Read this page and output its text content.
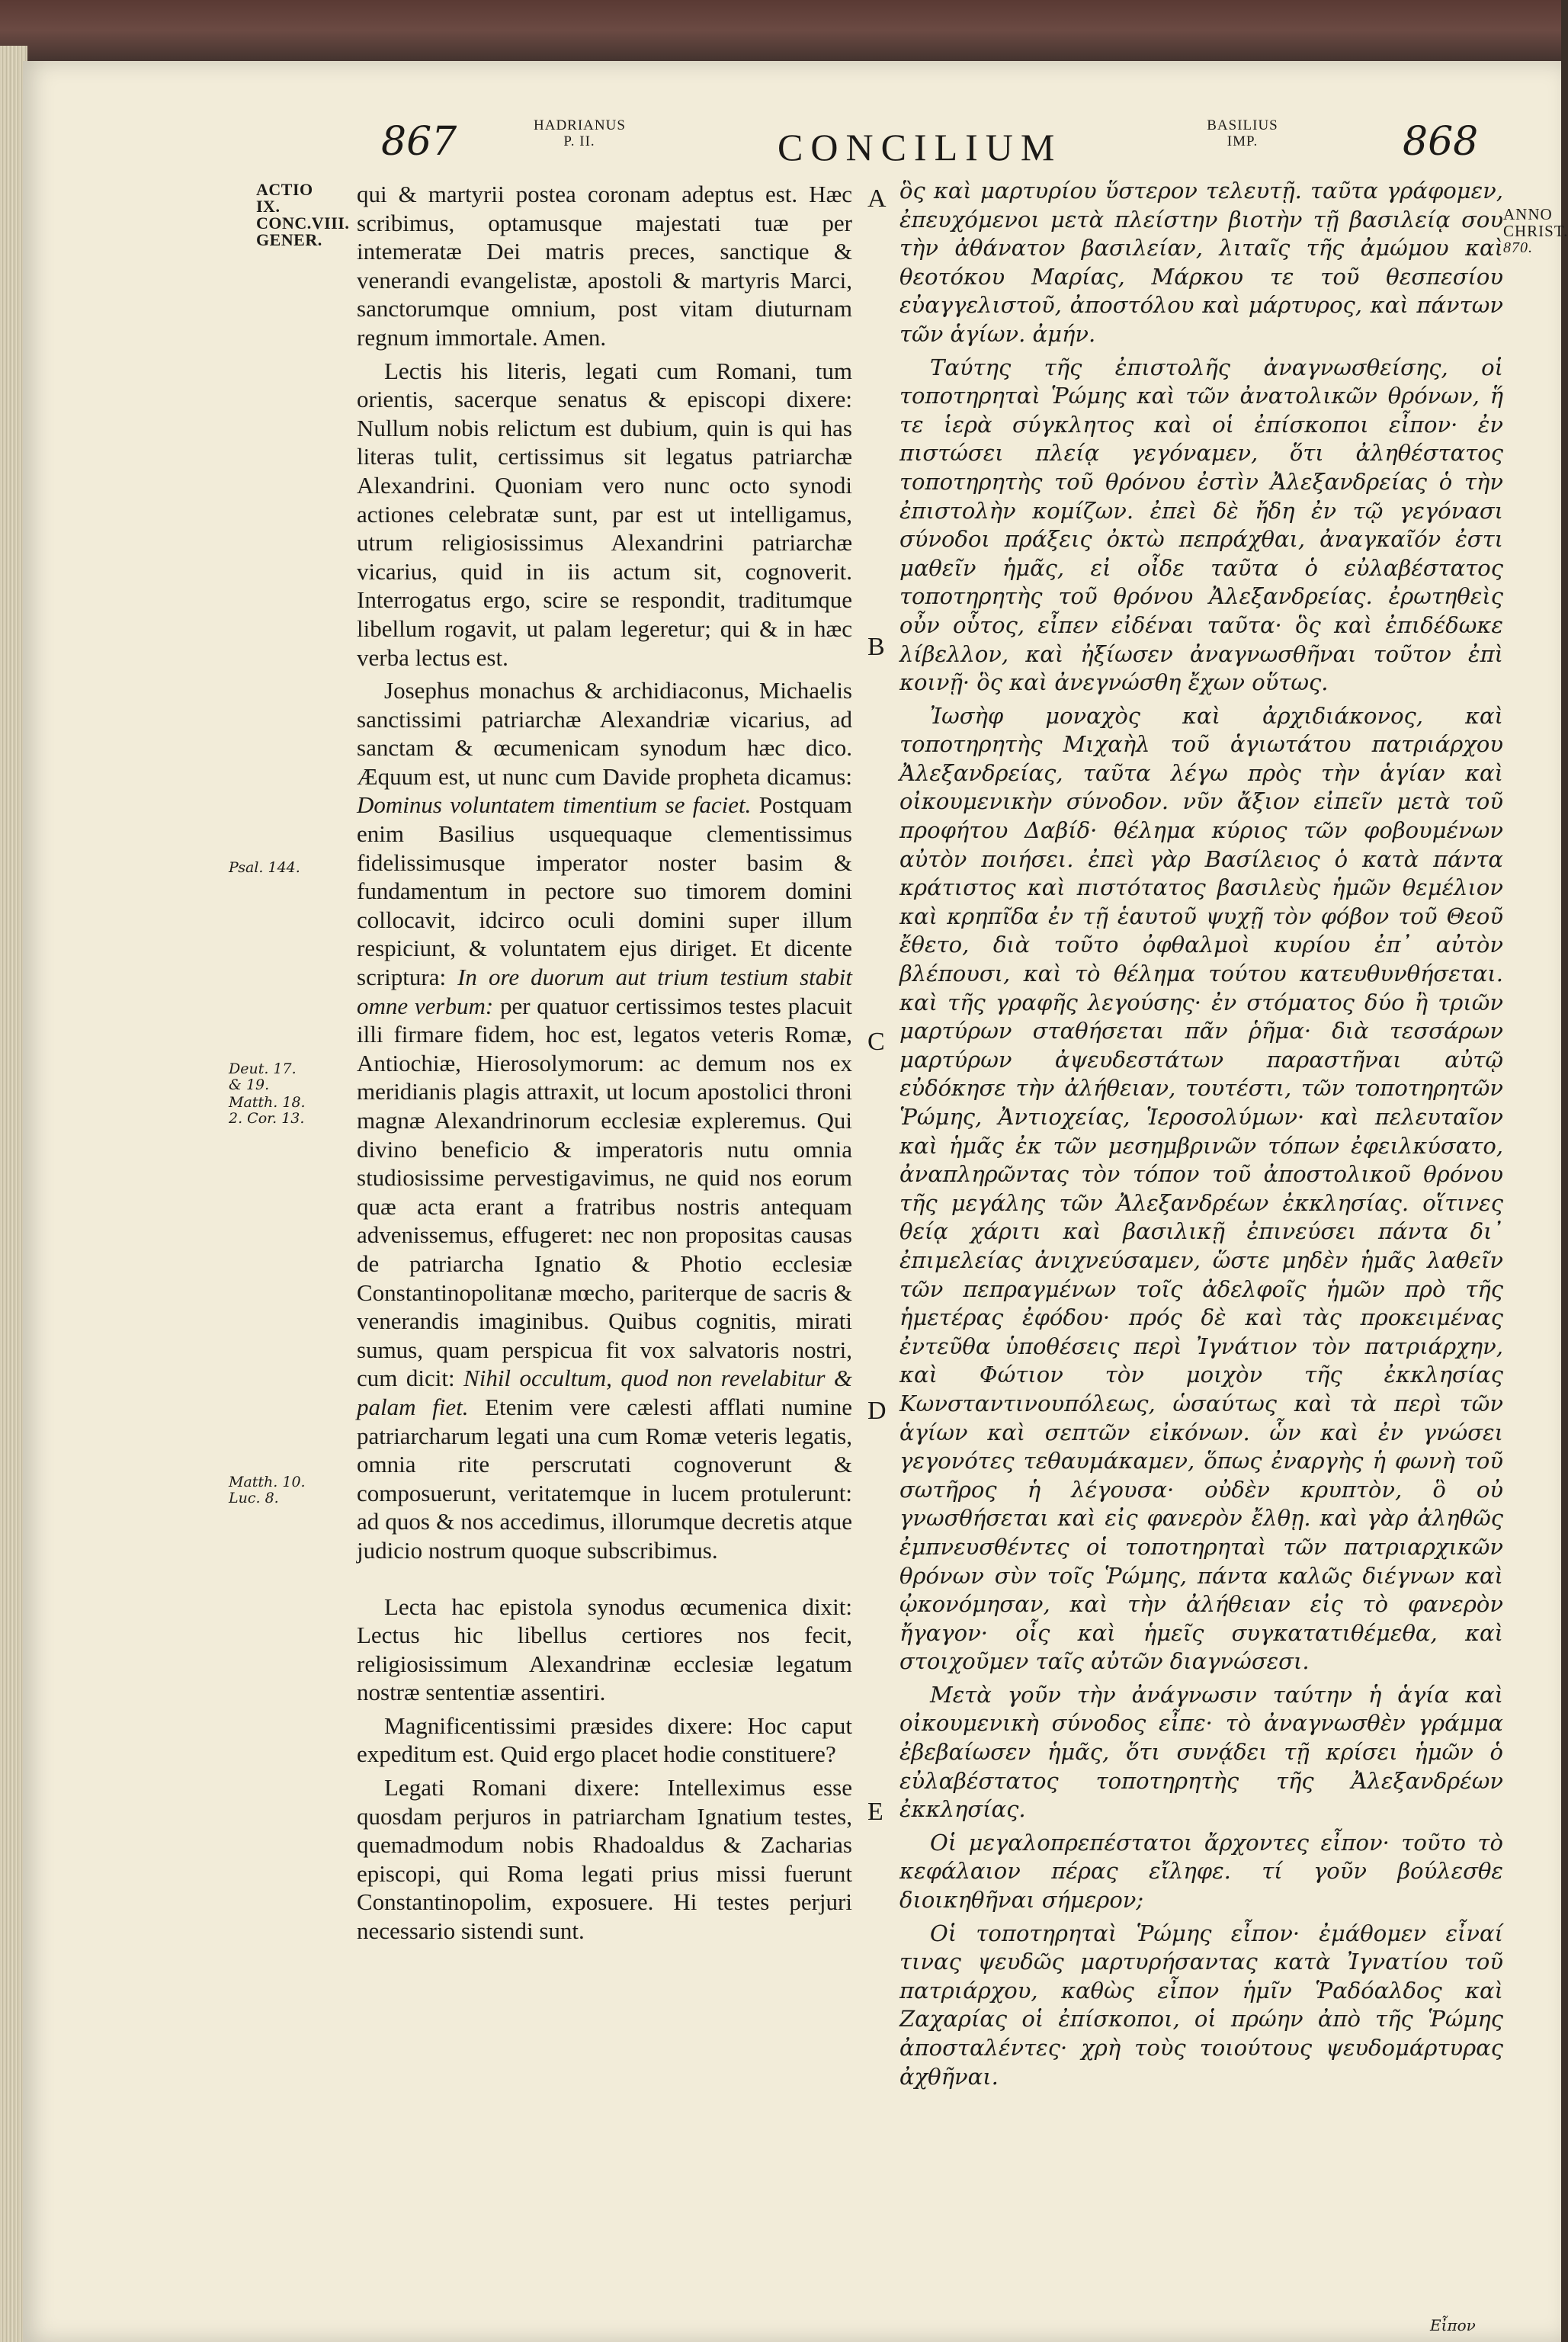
867	HADRIANUS
P. II.	CONCILIUM
BASILIUS
IMP.	868
ACTIO IX.
CONC.VIII.
GENER.
Psal. 144.
Deut. 17.
& 19.
Matth. 18.
2. Cor. 13.
Matth. 10.
Luc. 8.
ANNO
CHRIST.
870.
A
B
C
D
E

qui & martyrii postea coronam adeptus est. Hæc scribimus, optamusque majestati tuæ per intemeratæ Dei matris preces, sanctique & venerandi evangelistæ, apostoli & martyris Marci, sanctorumque omnium, post vitam diuturnam regnum immortale. Amen.

Lectis his literis, legati cum Romani, tum orientis, sacerque senatus & episcopi dixere: Nullum nobis relictum est dubium, quin is qui has literas tulit, certissimus sit legatus patriarchæ Alexandrini. Quoniam vero nunc octo synodi actiones celebratæ sunt, par est ut intelligamus, utrum religiosissimus Alexandrini patriarchæ vicarius, quid in iis actum sit, cognoverit. Interrogatus ergo, scire se respondit, traditumque libellum rogavit, ut palam legeretur; qui & in hæc verba lectus est.

Josephus monachus & archidiaconus, Michaelis sanctissimi patriarchæ Alexandriæ vicarius, ad sanctam & œcumenicam synodum hæc dico. Æquum est, ut nunc cum Davide propheta dicamus: Dominus voluntatem timentium se faciet. Postquam enim Basilius usquequaque clementissimus fidelissimusque imperator noster basim & fundamentum in pectore suo timorem domini collocavit, idcirco oculi domini super illum respiciunt, & voluntatem ejus diriget. Et dicente scriptura: In ore duorum aut trium testium stabit omne verbum: per quatuor certissimos testes placuit illi firmare fidem, hoc est, legatos veteris Romæ, Antiochiæ, Hierosolymorum: ac demum nos ex meridianis plagis attraxit, ut locum apostolici throni magnæ Alexandrinorum ecclesiæ expleremus. Qui divino beneficio & imperatoris nutu omnia studiosissime pervestigavimus, ne quid nos eorum quæ acta erant a fratribus nostris antequam advenissemus, effugeret: nec non propositas causas de patriarcha Ignatio & Photio ecclesiæ Constantinopolitanæ mœcho, pariterque de sacris & venerandis imaginibus. Quibus cognitis, mirati sumus, quam perspicua fit vox salvatoris nostri, cum dicit: Nihil occultum, quod non revelabitur & palam fiet. Etenim vere cælesti afflati numine patriarcharum legati una cum Romæ veteris legatis, omnia rite perscrutati cognoverunt & composuerunt, veritatemque in lucem protulerunt: ad quos & nos accedimus, illorumque decretis atque judicio nostrum quoque subscribimus.

Lecta hac epistola synodus œcumenica dixit: Lectus hic libellus certiores nos fecit, religiosissimum Alexandrinæ ecclesiæ legatum nostræ sententiæ assentiri.

Magnificentissimi præsides dixere: Hoc caput expeditum est. Quid ergo placet hodie constituere?

Legati Romani dixere: Intelleximus esse quosdam perjuros in patriarcham Ignatium testes, quemadmodum nobis Rhadoaldus & Zacharias episcopi, qui Roma legati prius missi fuerunt Constantinopolim, exposuere. Hi testes perjuri necessario sistendi sunt.

ὃς καὶ μαρτυρίου ὕστερον τελευτῇ. ταῦτα γράφομεν, ἐπευχόμενοι μετὰ πλείστην βιοτὴν τῇ βασιλείᾳ σου τὴν ἀθάνατον βασιλείαν, λιταῖς τῆς ἀμώμου καὶ θεοτόκου Μαρίας, Μάρκου τε τοῦ θεσπεσίου εὐαγγελιστοῦ, ἀποστόλου καὶ μάρτυρος, καὶ πάντων τῶν ἁγίων. ἀμήν.

Ταύτης τῆς ἐπιστολῆς ἀναγνωσθείσης, οἱ τοποτηρηταὶ Ῥώμης καὶ τῶν ἀνατολικῶν θρόνων, ἥ τε ἱερὰ σύγκλητος καὶ οἱ ἐπίσκοποι εἶπον· ἐν πιστώσει πλείᾳ γεγόναμεν, ὅτι ἀληθέστατος τοποτηρητὴς τοῦ θρόνου ἐστὶν Ἀλεξανδρείας ὁ τὴν ἐπιστολὴν κομίζων. ἐπεὶ δὲ ἤδη ἐν τῷ γεγόνασι σύνοδοι πράξεις ὀκτὼ πεπράχθαι, ἀναγκαῖόν ἐστι μαθεῖν ἡμᾶς, εἰ οἶδε ταῦτα ὁ εὐλαβέστατος τοποτηρητὴς τοῦ θρόνου Ἀλεξανδρείας. ἐρωτηθεὶς οὖν οὗτος, εἶπεν εἰδέναι ταῦτα· ὃς καὶ ἐπιδέδωκε λίβελλον, καὶ ἠξίωσεν ἀναγνωσθῆναι τοῦτον ἐπὶ κοινῇ· ὃς καὶ ἀνεγνώσθη ἔχων οὕτως.

Ἰωσὴφ μοναχὸς καὶ ἀρχιδιάκονος, καὶ τοποτηρητὴς Μιχαὴλ τοῦ ἁγιωτάτου πατριάρχου Ἀλεξανδρείας, ταῦτα λέγω πρὸς τὴν ἁγίαν καὶ οἰκουμενικὴν σύνοδον. νῦν ἄξιον εἰπεῖν μετὰ τοῦ προφήτου Δαβίδ· θέλημα κύριος τῶν φοβουμένων αὐτὸν ποιήσει. ἐπεὶ γὰρ Βασίλειος ὁ κατὰ πάντα κράτιστος καὶ πιστότατος βασιλεὺς ἡμῶν θεμέλιον καὶ κρηπῖδα ἐν τῇ ἑαυτοῦ ψυχῇ τὸν φόβον τοῦ Θεοῦ ἔθετο, διὰ τοῦτο ὀφθαλμοὶ κυρίου ἐπ᾽ αὐτὸν βλέπουσι, καὶ τὸ θέλημα τούτου κατευθυνθήσεται. καὶ τῆς γραφῆς λεγούσης· ἐν στόματος δύο ἢ τριῶν μαρτύρων σταθήσεται πᾶν ῥῆμα· διὰ τεσσάρων μαρτύρων ἀψευδεστάτων παραστῆναι αὐτῷ εὐδόκησε τὴν ἀλήθειαν, τουτέστι, τῶν τοποτηρητῶν Ῥώμης, Ἀντιοχείας, Ἱεροσολύμων· καὶ πελευταῖον καὶ ἡμᾶς ἐκ τῶν μεσημβρινῶν τόπων ἐφειλκύσατο, ἀναπληρῶντας τὸν τόπον τοῦ ἀποστολικοῦ θρόνου τῆς μεγάλης τῶν Ἀλεξανδρέων ἐκκλησίας. οἵτινες θείᾳ χάριτι καὶ βασιλικῇ ἐπινεύσει πάντα δι᾽ ἐπιμελείας ἀνιχνεύσαμεν, ὥστε μηδὲν ἡμᾶς λαθεῖν τῶν πεπραγμένων τοῖς ἀδελφοῖς ἡμῶν πρὸ τῆς ἡμετέρας ἐφόδου· πρός δὲ καὶ τὰς προκειμένας ἐντεῦθα ὑποθέσεις περὶ Ἰγνάτιον τὸν πατριάρχην, καὶ Φώτιον τὸν μοιχὸν τῆς ἐκκλησίας Κωνσταντινουπόλεως, ὡσαύτως καὶ τὰ περὶ τῶν ἁγίων καὶ σεπτῶν εἰκόνων. ὧν καὶ ἐν γνώσει γεγονότες τεθαυμάκαμεν, ὅπως ἐναργὴς ἡ φωνὴ τοῦ σωτῆρος ἡ λέγουσα· οὐδὲν κρυπτὸν, ὃ οὐ γνωσθήσεται καὶ εἰς φανερὸν ἔλθῃ. καὶ γὰρ ἀληθῶς ἐμπνευσθέντες οἱ τοποτηρηταὶ τῶν πατριαρχικῶν θρόνων σὺν τοῖς Ῥώμης, πάντα καλῶς διέγνων καὶ ᾠκονόμησαν, καὶ τὴν ἀλήθειαν εἰς τὸ φανερὸν ἤγαγον· οἷς καὶ ἡμεῖς συγκατατιθέμεθα, καὶ στοιχοῦμεν ταῖς αὐτῶν διαγνώσεσι.

Μετὰ γοῦν τὴν ἀνάγνωσιν ταύτην ἡ ἁγία καὶ οἰκουμενικὴ σύνοδος εἶπε· τὸ ἀναγνωσθὲν γράμμα ἐβεβαίωσεν ἡμᾶς, ὅτι συνᾴδει τῇ κρίσει ἡμῶν ὁ εὐλαβέστατος τοποτηρητὴς τῆς Ἀλεξανδρέων ἐκκλησίας.

Οἱ μεγαλοπρεπέστατοι ἄρχοντες εἶπον· τοῦτο τὸ κεφάλαιον πέρας εἴληφε. τί γοῦν βούλεσθε διοικηθῆναι σήμερον;

Οἱ τοποτηρηταὶ Ῥώμης εἶπον· ἐμάθομεν εἶναί τινας ψευδῶς μαρτυρήσαντας κατὰ Ἰγνατίου τοῦ πατριάρχου, καθὼς εἶπον ἡμῖν Ῥαδόαλδος καὶ Ζαχαρίας οἱ ἐπίσκοποι, οἱ πρώην ἀπὸ τῆς Ῥώμης ἀποσταλέντες· χρὴ τοὺς τοιούτους ψευδομάρτυρας ἀχθῆναι.

Εἶπον
